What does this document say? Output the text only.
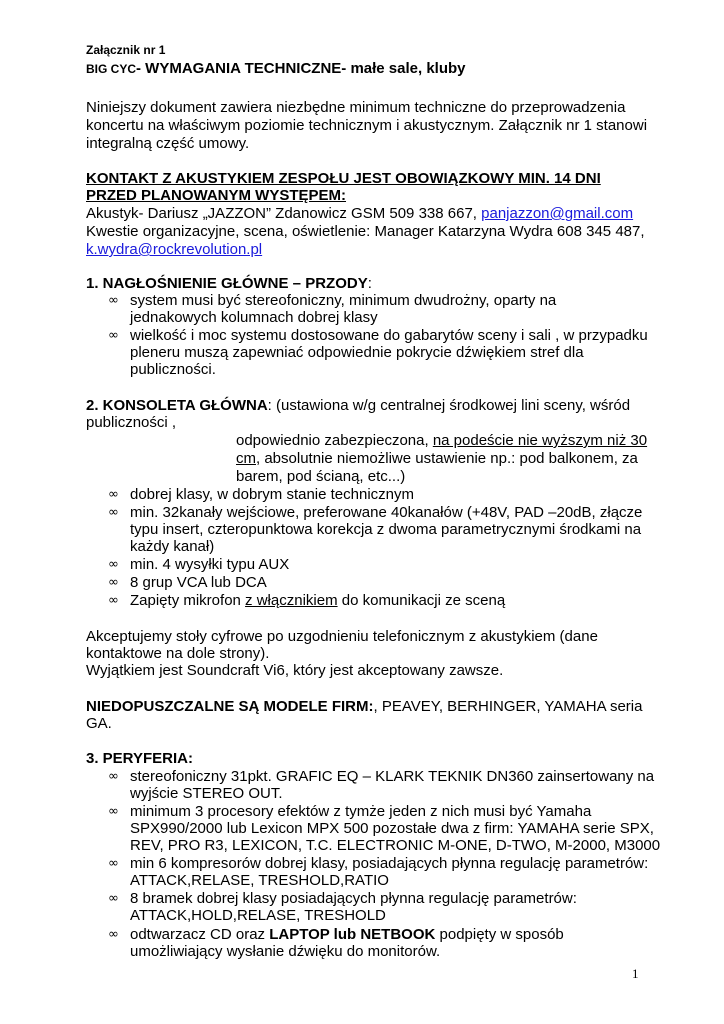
Załącznik nr 1
BIG CYC- WYMAGANIA TECHNICZNE- małe sale, kluby
Niniejszy dokument zawiera niezbędne minimum techniczne do przeprowadzenia
koncertu na właściwym poziomie technicznym i akustycznym. Załącznik nr 1 stanowi
integralną część umowy.
KONTAKT Z AKUSTYKIEM ZESPOŁU JEST OBOWIĄZKOWY MIN. 14 DNI
PRZED PLANOWANYM WYSTĘPEM:
Akustyk- Dariusz „JAZZON” Zdanowicz GSM 509 338 667, panjazzon@gmail.com
Kwestie organizacyjne, scena, oświetlenie: Manager Katarzyna Wydra 608 345 487,
k.wydra@rockrevolution.pl
1. NAGŁOŚNIENIE GŁÓWNE – PRZODY:
∞ system musi być stereofoniczny, minimum dwudrożny, oparty na
jednakowych kolumnach dobrej klasy
∞ wielkość i moc systemu dostosowane do gabarytów sceny i sali , w przypadku
pleneru muszą zapewniać odpowiednie pokrycie dźwiękiem stref dla
publiczności.
2. KONSOLETA GŁÓWNA: (ustawiona w/g centralnej środkowej lini sceny, wśród
publiczności ,
odpowiednio zabezpieczona, na podeście nie wyższym niż 30
cm, absolutnie niemożliwe ustawienie np.: pod balkonem, za
barem, pod ścianą, etc...)
∞ dobrej klasy, w dobrym stanie technicznym
∞ min. 32kanały wejściowe, preferowane 40kanałów (+48V, PAD –20dB, złącze
typu insert, czteropunktowa korekcja z dwoma parametrycznymi środkami na
każdy kanał)
∞ min. 4 wysyłki typu AUX
∞ 8 grup VCA lub DCA
∞ Zapięty mikrofon z włącznikiem do komunikacji ze sceną
Akceptujemy stoły cyfrowe po uzgodnieniu telefonicznym z akustykiem (dane
kontaktowe na dole strony).
Wyjątkiem jest Soundcraft Vi6, który jest akceptowany zawsze.
NIEDOPUSZCZALNE SĄ MODELE FIRM:, PEAVEY, BERHINGER, YAMAHA seria
GA.
3. PERYFERIA:
∞ stereofoniczny 31pkt. GRAFIC EQ – KLARK TEKNIK DN360 zainsertowany na
wyjście STEREO OUT.
∞ minimum 3 procesory efektów z tymże jeden z nich musi być Yamaha
SPX990/2000 lub Lexicon MPX 500 pozostałe dwa z firm: YAMAHA serie SPX,
REV, PRO R3, LEXICON, T.C. ELECTRONIC M-ONE, D-TWO, M-2000, M3000
∞ min 6 kompresorów dobrej klasy, posiadających płynna regulację parametrów:
ATTACK,RELASE, TRESHOLD,RATIO
∞ 8 bramek dobrej klasy posiadających płynna regulację parametrów:
ATTACK,HOLD,RELASE, TRESHOLD
∞ odtwarzacz CD oraz LAPTOP lub NETBOOK podpięty w sposób
umożliwiający wysłanie dźwięku do monitorów.
1
